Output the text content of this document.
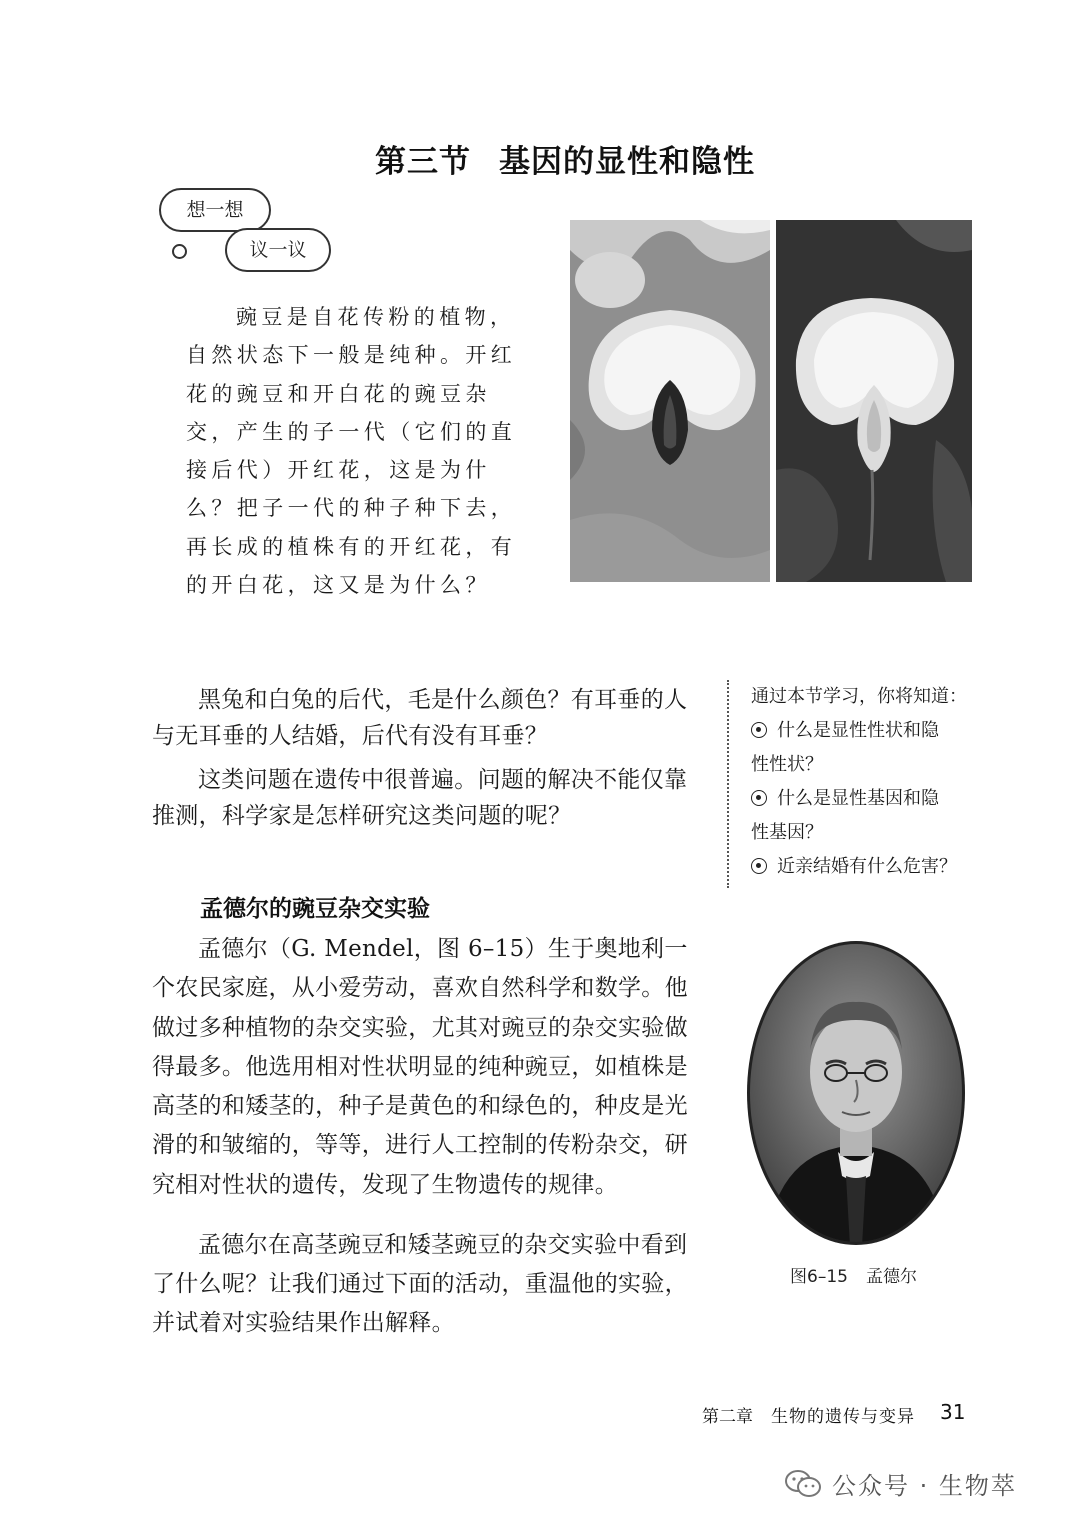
第三节 基因的显性和隐性
想一想
议一议
豌豆是自花传粉的植物，自然状态下一般是纯种。开红花的豌豆和开白花的豌豆杂交，产生的子一代（它们的直接后代）开红花，这是为什么？把子一代的种子种下去，再长成的植株有的开红花，有的开白花，这又是为什么？
黑兔和白兔的后代，毛是什么颜色？有耳垂的人与无耳垂的人结婚，后代有没有耳垂？
这类问题在遗传中很普遍。问题的解决不能仅靠推测，科学家是怎样研究这类问题的呢？
通过本节学习，你将知道：
什么是显性性状和隐
性性状？
什么是显性基因和隐
性基因？
近亲结婚有什么危害？
孟德尔的豌豆杂交实验
孟德尔（G. Mendel，图 6–15）生于奥地利一个农民家庭，从小爱劳动，喜欢自然科学和数学。他做过多种植物的杂交实验，尤其对豌豆的杂交实验做得最多。他选用相对性状明显的纯种豌豆，如植株是高茎的和矮茎的，种子是黄色的和绿色的，种皮是光滑的和皱缩的，等等，进行人工控制的传粉杂交，研究相对性状的遗传，发现了生物遗传的规律。
孟德尔在高茎豌豆和矮茎豌豆的杂交实验中看到了什么呢？让我们通过下面的活动，重温他的实验，并试着对实验结果作出解释。
图6–15 孟德尔
第二章 生物的遗传与变异 31
公众号 · 生物萃
